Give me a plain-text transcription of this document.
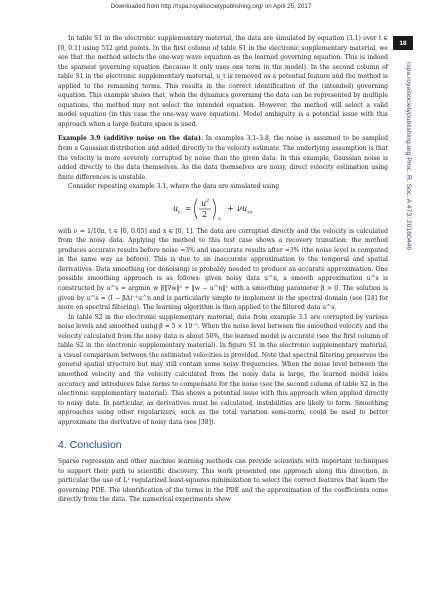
Downloaded from http://rspa.royalsocietypublishing.org/ on April 25, 2017
18
rspa.royalsocietypublishing.org Proc. R. Soc. A 473: 20160446

In table S1 in the electronic supplementary material, the data are simulated by equation (3.1) over t ∈ [0, 0.1] using 512 grid points. In the first column of table S1 in the electronic supplementary material, we see that the method selects the one-way wave equation as the learned governing equation. This is indeed the sparsest governing equation (because it only uses one term in the model). In the second column of table S1 in the electronic supplementary material, u_t is removed as a potential feature and the method is applied to the remaining terms. This results in the correct identification of the (intended) governing equation. This example shows that, when the dynamics governing the data can be represented by multiple equations, the method may not select the intended equation. However, the method will select a valid model equation (in this case the one-way wave equation). Model ambiguity is a potential issue with this approach when a large feature space is used.

Example 3.9 (additive noise on the data). In examples 3.1–3.8, the noise is assumed to be sampled from a Gaussian distribution and added directly to the velocity estimate. The underlying assumption is that the velocity is more severely corrupted by noise than the given data. In this example, Gaussian noise is added directly to the data themselves. As the data themselves are noisy, direct velocity estimation using finite differences is unstable.

Consider repeating example 3.1, where the data are simulated using

u t =
u 2
2 x
+ ν u xx

with ν = 1/10π, t ∈ [0, 0.05] and x ∈ [0, 1]. The data are corrupted directly and the velocity is calculated from the noisy data. Applying the method to this test case shows a recovery transition: the method produces accurate results before noise ≈3% and inaccurate results after ≈3% (the noise level is computed in the same way as before). This is due to an inaccurate approximation to the temporal and spatial derivatives. Data smoothing (or denoising) is probably needed to produce an accurate approximation. One possible smoothing approach is as follows: given noisy data u^n, a smooth approximation u^s is constructed by u^s = argmin_w β‖∇w‖² + ‖w − u^n‖² with a smoothing parameter β > 0. The solution is given by u^s = (I − βΔ)⁻¹u^n and is particularly simple to implement in the spectral domain (see [24] for more on spectral filtering). The learning algorithm is then applied to the filtered data u^s.

In table S2 in the electronic supplementary material, data from example 3.1 are corrupted by various noise levels and smoothed using β = 5 × 10⁻⁵. When the noise level between the smoothed velocity and the velocity calculated from the noisy data is about 50%, the learned model is accurate (see the first column of table S2 in the electronic supplementary material). In figure S1 in the electronic supplementary material, a visual comparison between the estimated velocities is provided. Note that spectral filtering preserves the general spatial structure but may still contain some noisy frequencies. When the noise level between the smoothed velocity and the velocity calculated from the noisy data is large, the learned model loses accuracy and introduces false terms to compensate for the noise (see the second column of table S2 in the electronic supplementary material). This shows a potential issue with this approach when applied directly to noisy data. In particular, as derivatives must be calculated, instabilities are likely to form. Smoothing approaches using other regularizers, such as the total variation semi-norm, could be used to better approximate the derivative of noisy data (see [38]).

4. Conclusion

Sparse regression and other machine learning methods can provide scientists with important techniques to support their path to scientific discovery. This work presented one approach along this direction, in particular the use of L¹ regularized least-squares minimization to select the correct features that learn the governing PDE. The identification of the terms in the PDE and the approximation of the coefficients come directly from the data. The numerical experiments show
